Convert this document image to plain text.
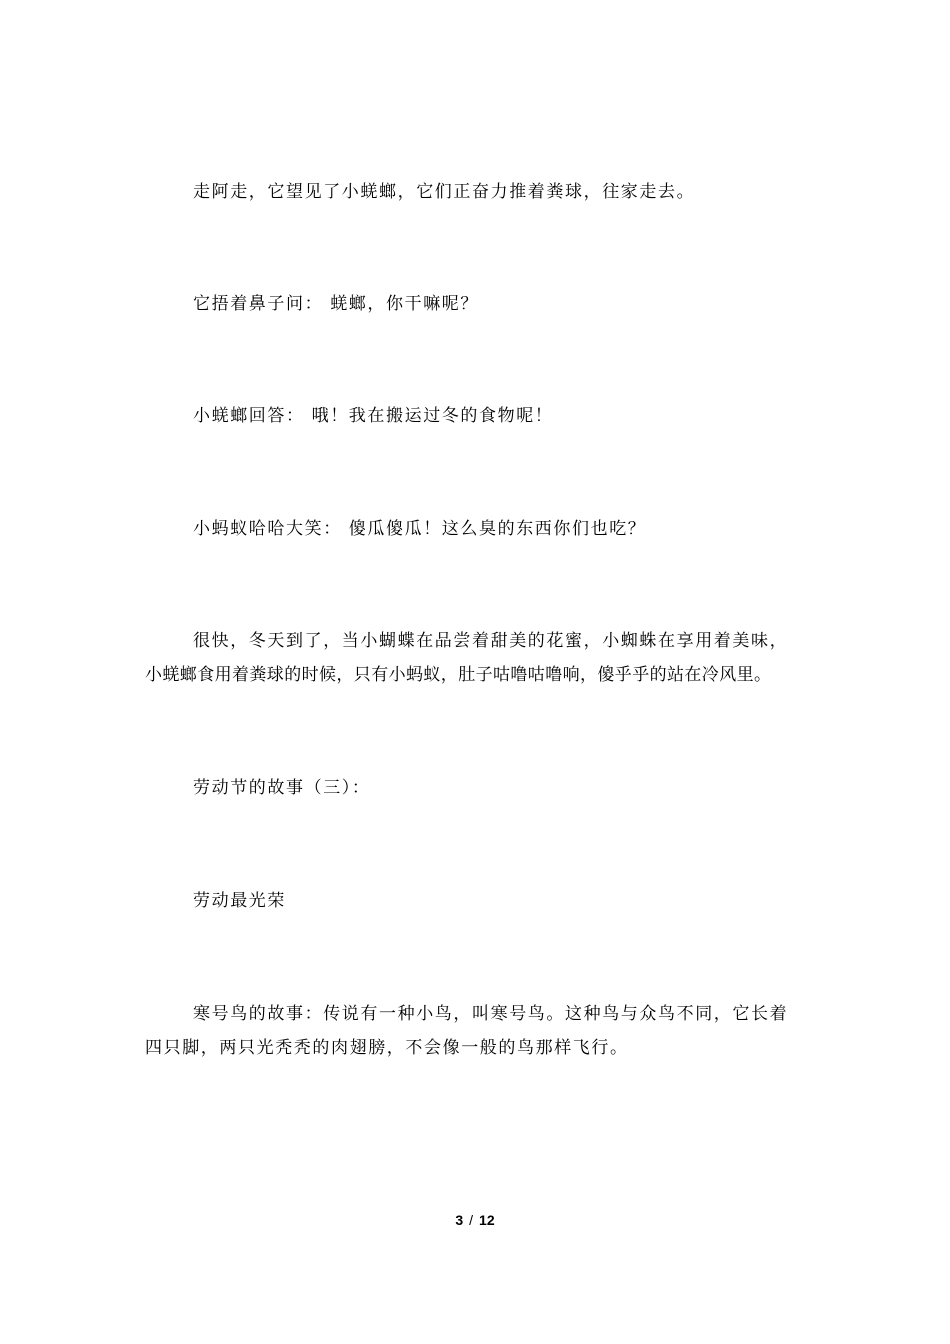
走阿走，它望见了小蜣螂，它们正奋力推着粪球，往家走去。

它捂着鼻子问： 蜣螂，你干嘛呢？

小蜣螂回答： 哦！我在搬运过冬的食物呢！

小蚂蚁哈哈大笑： 傻瓜傻瓜！这么臭的东西你们也吃？

很快，冬天到了，当小蝴蝶在品尝着甜美的花蜜，小蜘蛛在享用着美味，
小蜣螂食用着粪球的时候，只有小蚂蚁，肚子咕噜咕噜响，傻乎乎的站在冷风里。

劳动节的故事（三）：

劳动最光荣

寒号鸟的故事：传说有一种小鸟，叫寒号鸟。这种鸟与众鸟不同，它长着
四只脚，两只光秃秃的肉翅膀，不会像一般的鸟那样飞行。

3 / 12
